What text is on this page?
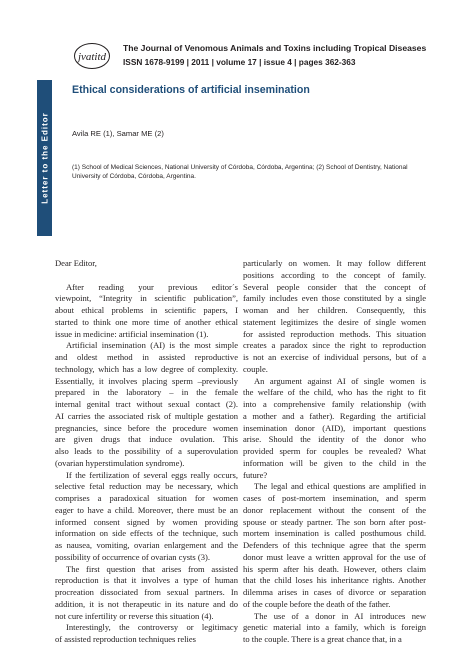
jvatitd
The Journal of Venomous Animals and Toxins including Tropical Diseases
ISSN 1678-9199 | 2011 | volume 17 | issue 4 | pages 362-363
Letter to the Editor
Ethical considerations of artificial insemination
Avila RE (1), Samar ME (2)
(1) School of Medical Sciences, National University of Córdoba, Córdoba, Argentina; (2) School of Dentistry, National
University of Córdoba, Córdoba, Argentina.

Dear Editor,

After reading your previous editor´s
viewpoint, “Integrity in scientific publication”,
about ethical problems in scientific papers, I
started to think one more time of another ethical
issue in medicine: artificial insemination (1).

Artificial insemination (AI) is the most simple
and oldest method in assisted reproductive
technology, which has a low degree of complexity.
Essentially, it involves placing sperm –previously
prepared in the laboratory – in the female
internal genital tract without sexual contact (2).
AI carries the associated risk of multiple gestation
pregnancies, since before the procedure women
are given drugs that induce ovulation. This
also leads to the possibility of a superovulation
(ovarian hyperstimulation syndrome).

If the fertilization of several eggs really occurs,
selective fetal reduction may be necessary, which
comprises a paradoxical situation for women
eager to have a child. Moreover, there must be an
informed consent signed by women providing
information on side effects of the technique, such
as nausea, vomiting, ovarian enlargement and the
possibility of occurrence of ovarian cysts (3).

The first question that arises from assisted
reproduction is that it involves a type of human
procreation dissociated from sexual partners. In
addition, it is not therapeutic in its nature and do
not cure infertility or reverse this situation (4).

Interestingly, the controversy or legitimacy
of assisted reproduction techniques relies

particularly on women. It may follow different
positions according to the concept of family.
Several people consider that the concept of
family includes even those constituted by a single
woman and her children. Consequently, this
statement legitimizes the desire of single women
for assisted reproduction methods. This situation
creates a paradox since the right to reproduction
is not an exercise of individual persons, but of a
couple.

An argument against AI of single women is
the welfare of the child, who has the right to fit
into a comprehensive family relationship (with
a mother and a father). Regarding the artificial
insemination donor (AID), important questions
arise. Should the identity of the donor who
provided sperm for couples be revealed? What
information will be given to the child in the
future?

The legal and ethical questions are amplified in
cases of post-mortem insemination, and sperm
donor replacement without the consent of the
spouse or steady partner. The son born after post-
mortem insemination is called posthumous child.
Defenders of this technique agree that the sperm
donor must leave a written approval for the use of
his sperm after his death. However, others claim
that the child loses his inheritance rights. Another
dilemma arises in cases of divorce or separation
of the couple before the death of the father.

The use of a donor in AI introduces new
genetic material into a family, which is foreign
to the couple. There is a great chance that, in a
